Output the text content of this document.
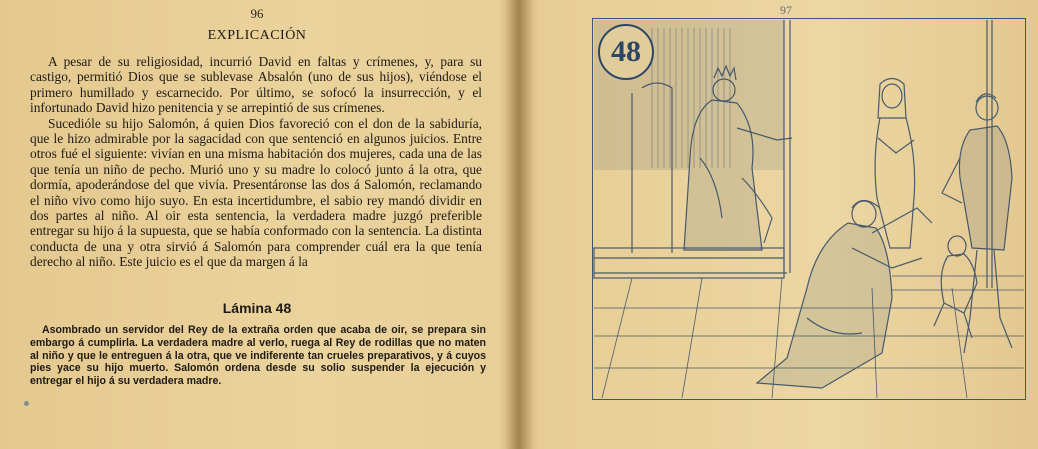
96
EXPLICACIÓN

A pesar de su religiosidad, incurrió David en faltas y crímenes, y, para su castigo, permitió Dios que se sublevase Absalón (uno de sus hijos), viéndose el primero humillado y escarnecido. Por último, se sofocó la insurrección, y el infortunado David hizo penitencia y se arrepintió de sus crímenes.

Sucedióle su hijo Salomón, á quien Dios favoreció con el don de la sabiduría, que le hizo admirable por la sagacidad con que sentenció en algunos juicios. Entre otros fué el siguiente: vivían en una misma habitación dos mujeres, cada una de las que tenía un niño de pecho. Murió uno y su madre lo colocó junto á la otra, que dormía, apoderándose del que vivía. Presentáronse las dos á Salomón, reclamando el niño vivo como hijo suyo. En esta incertidumbre, el sabio rey mandó dividir en dos partes al niño. Al oir esta sentencia, la verdadera madre juzgó preferible entregar su hijo á la supuesta, que se había conformado con la sentencia. La distinta conducta de una y otra sirvió á Salomón para comprender cuál era la que tenía derecho al niño. Este juicio es el que da margen á la

Lámina 48

Asombrado un servidor del Rey de la extraña orden que acaba de oir, se prepara sin embargo á cumplirla. La verdadera madre al verlo, ruega al Rey de rodillas que no maten al niño y que le entreguen á la otra, que ve indiferente tan crueles preparativos, y á cuyos pies yace su hijo muerto. Salomón ordena desde su solio suspender la ejecución y entregar el hijo á su verdadera madre.

97
48
